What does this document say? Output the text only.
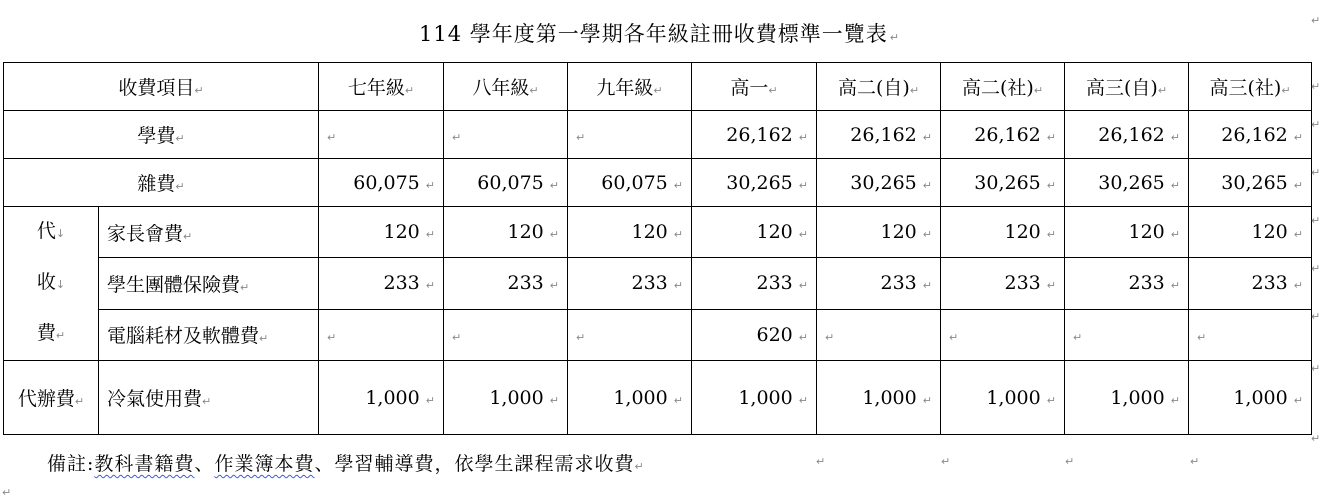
114 學年度第一學期各年級註冊收費標準一覽表 ↵
收費項目↵		七年級↵	八年級↵	九年級↵	高一↵	高二(自)↵	高二(社)↵	高三(自)↵	高三(社)↵
學費↵		↵	↵	↵	26,162 ↵	26,162 ↵	26,162 ↵	26,162 ↵	26,162 ↵
雜費↵		60,075 ↵	60,075 ↵	60,075 ↵	30,265 ↵	30,265 ↵	30,265 ↵	30,265 ↵	30,265 ↵

代↓
收↓
費↵	家長會費↵	120 ↵	120 ↵	120 ↵	120 ↵	120 ↵	120 ↵	120 ↵	120 ↵
	學生團體保險費↵	233 ↵	233 ↵	233 ↵	233 ↵	233 ↵	233 ↵	233 ↵	233 ↵
	電腦耗材及軟體費↵	↵	↵	↵	620 ↵	↵	↵	↵	↵
代辦費↵	冷氣使用費↵	1,000 ↵	1,000 ↵	1,000 ↵	1,000 ↵	1,000 ↵	1,000 ↵	1,000 ↵	1,000 ↵
備註:教科書籍費、作業簿本費、學習輔導費，依學生課程需求收費↵	↵	↵	↵	↵
↵
↵
↵
↵
↵
↵
↵
↵
↵
↵
